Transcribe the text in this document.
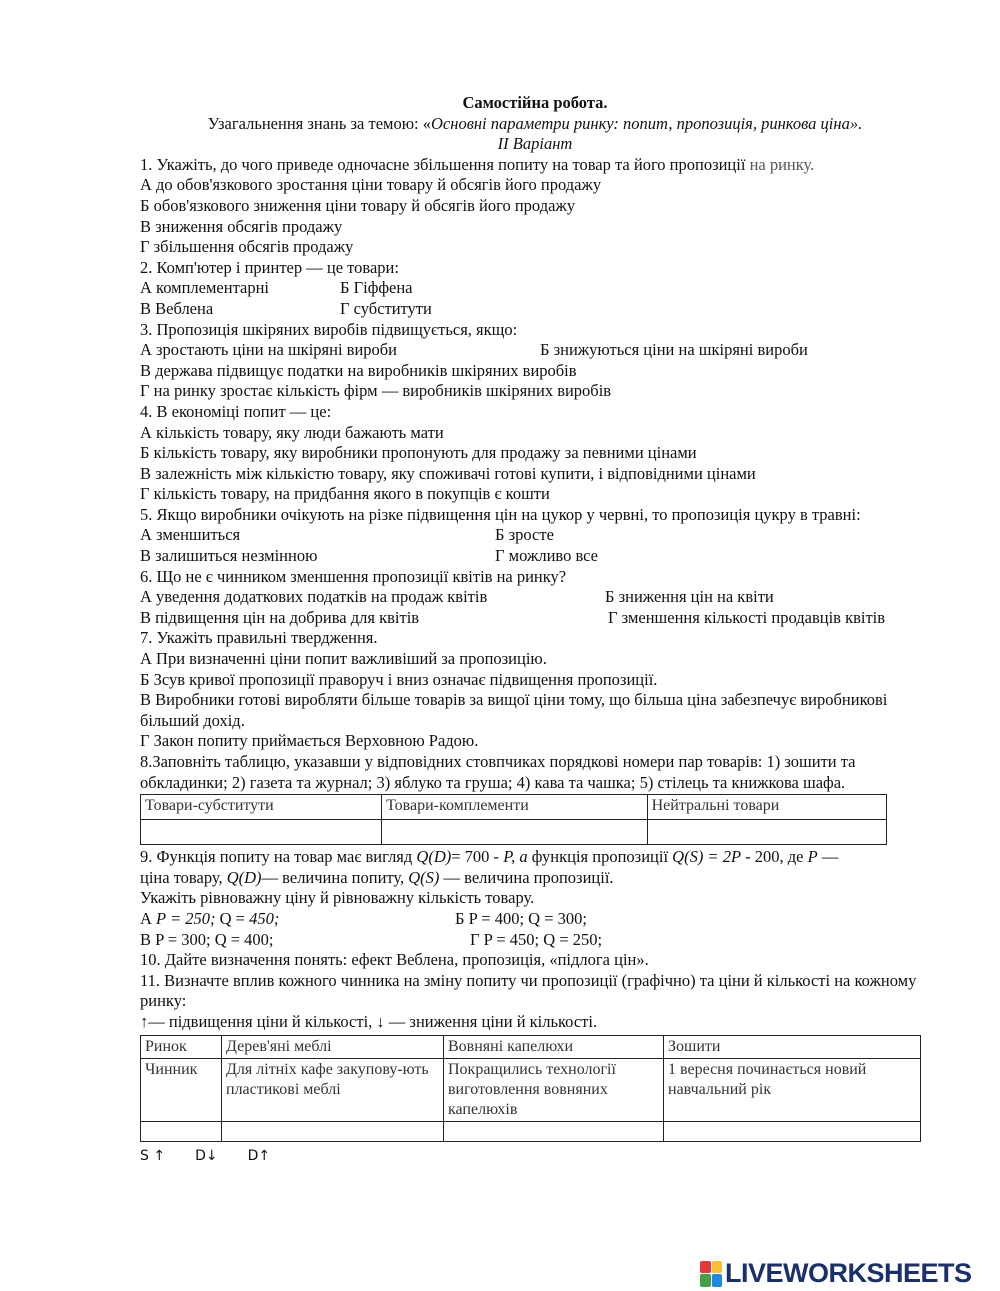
Самостійна робота.
Узагальнення знань за темою: «Основні параметри ринку: попит, пропозиція, ринкова ціна».
ІІ Варіант
1. Укажіть, до чого приведе одночасне збільшення попиту на товар та його пропозиції на ринку.
А до обов'язкового зростання ціни товару й обсягів його продажу
Б обов'язкового зниження ціни товару й обсягів його продажу
В зниження обсягів продажу
Г збільшення обсягів продажу
2. Комп'ютер і принтер — це товари:
А комплементарні	Б Гіффена
В Веблена	Г субститути
3. Пропозиція шкіряних виробів підвищується, якщо:
А зростають ціни на шкіряні вироби	Б знижуються ціни на шкіряні вироби
В держава підвищує податки на виробників шкіряних виробів
Г на ринку зростає кількість фірм — виробників шкіряних виробів
4. В економіці попит — це:
А кількість товару, яку люди бажають мати
Б кількість товару, яку виробники пропонують для продажу за певними цінами
В залежність між кількістю товару, яку споживачі готові купити, і відповідними цінами
Г кількість товару, на придбання якого в покупців є кошти
5. Якщо виробники очікують на різке підвищення цін на цукор у червні, то пропозиція цукру в травні:
А зменшиться	Б зросте
В залишиться незмінною	Г можливо все
6. Що не є чинником зменшення пропозиції квітів на ринку?
А уведення додаткових податків на продаж квітів	Б зниження цін на квіти
В підвищення цін на добрива для квітів	Г зменшення кількості продавців квітів
7. Укажіть правильні твердження.
А При визначенні ціни попит важливіший за пропозицію.
Б Зсув кривої пропозиції праворуч і вниз означає підвищення пропозиції.
В Виробники готові виробляти більше товарів за вищої ціни тому, що більша ціна забезпечує виробникові більший дохід.
Г Закон попиту приймається Верховною Радою.
8.Заповніть таблицю, указавши у відповідних стовпчиках порядкові номери пар товарів: 1) зошити та обкладинки; 2) газета та журнал; 3) яблуко та груша; 4) кава та чашка; 5) стілець та книжкова шафа.
Товари-субститути	Товари-комплементи	Нейтральні товари

9. Функція попиту на товар має вигляд Q(D)= 700 - P, a функція пропозиції Q(S) = 2P - 200, де P —
ціна товару, Q(D)— величина попиту, Q(S) — величина пропозиції.
Укажіть рівноважну ціну й рівноважну кількість товару.
А P = 250; Q = 450;	Б P = 400; Q = 300;
В P = 300; Q = 400;	Г P = 450; Q = 250;
10. Дайте визначення понять: ефект Веблена, пропозиція, «підлога цін».
11. Визначте вплив кожного чинника на зміну попиту чи пропозиції (графічно) та ціни й кількості на кожному ринку:
↑— підвищення ціни й кількості, ↓ — зниження ціни й кількості.
Ринок	Дерев'яні меблі	Вовняні капелюхи	Зошити
Чинник	Для літніх кафе закупову-ють пластикові меблі	Покращились технології виготовлення вовняних капелюхів	1 вересня починається новий навчальний рік

S ↑ D↓ D↑
LIVEWORKSHEETS
